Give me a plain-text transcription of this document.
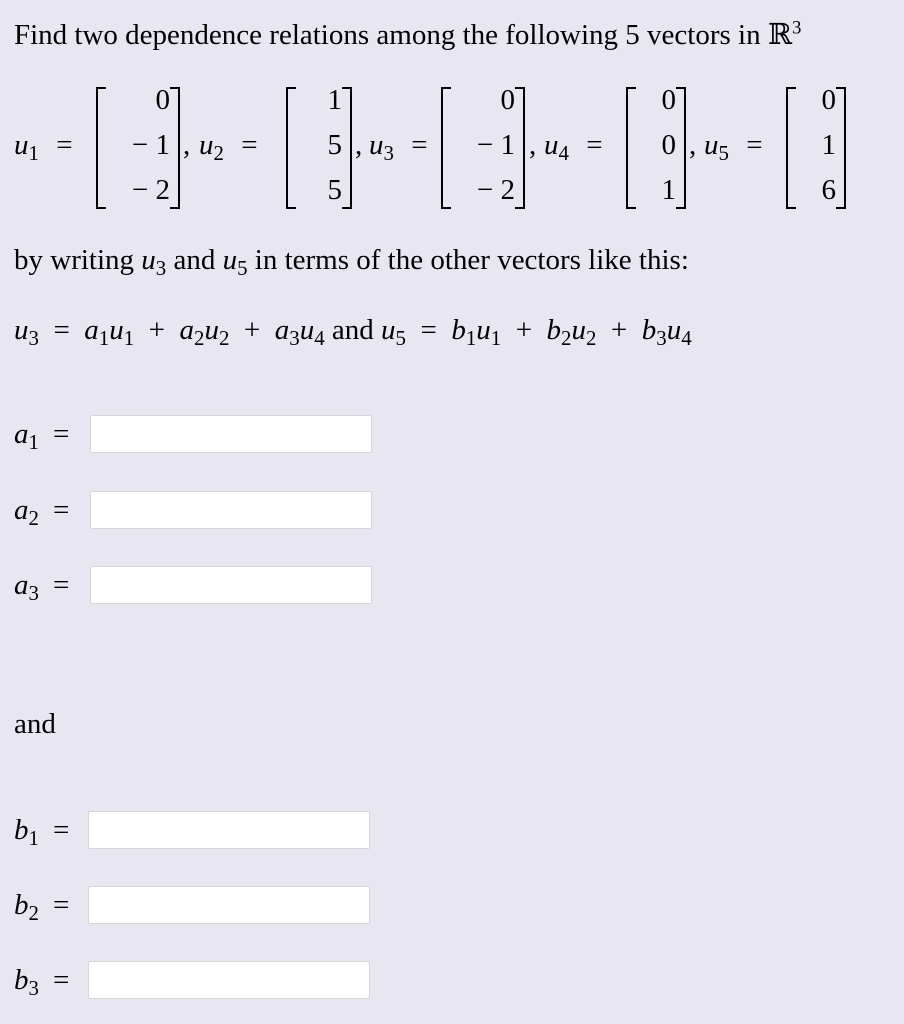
Find two dependence relations among the following 5 vectors in ℝ$^3$
$u_1$ =
0
− 1
− 2
, $u_2$ =
1
5
5
, $u_3$ =
0
− 1
− 2
, $u_4$ =
0
0
1
, $u_5$ =
0
1
6
by writing $u_3$ and $u_5$ in terms of the other vectors like this:
$u_3 = a_1u_1 + a_2u_2 + a_3u_4$ and $u_5 = b_1u_1 + b_2u_2 + b_3u_4$
$a_1$ =
$a_2$ =
$a_3$ =
and
$b_1$ =
$b_2$ =
$b_3$ =
